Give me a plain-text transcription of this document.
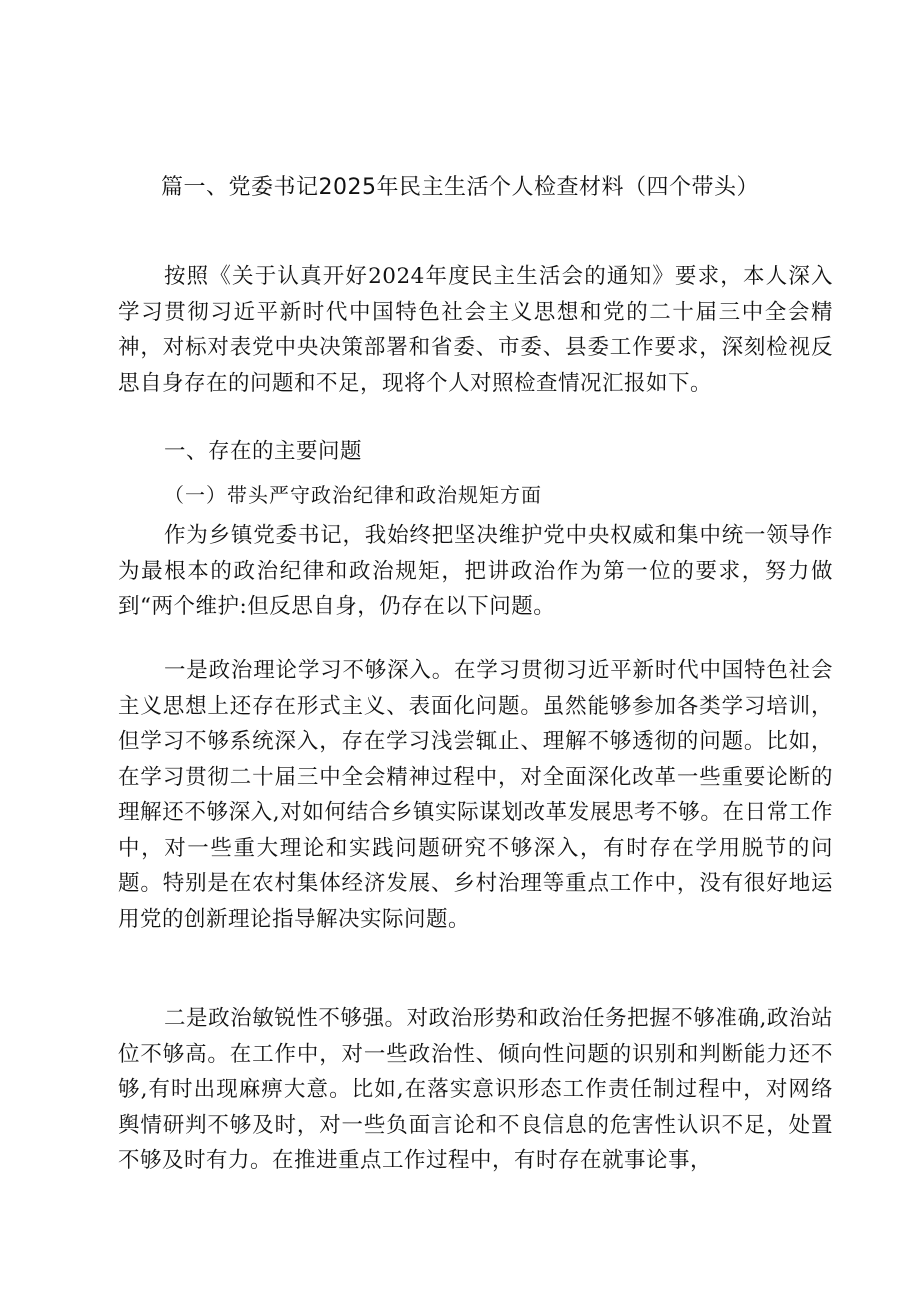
篇一、党委书记2025年民主生活个人检查材料（四个带头）

按照《关于认真开好2024年度民主生活会的通知》要求，本人深入学习贯彻习近平新时代中国特色社会主义思想和党的二十届三中全会精神，对标对表党中央决策部署和省委、市委、县委工作要求，深刻检视反思自身存在的问题和不足，现将个人对照检查情况汇报如下。

一、存在的主要问题
（一）带头严守政治纪律和政治规矩方面

作为乡镇党委书记，我始终把坚决维护党中央权威和集中统一领导作为最根本的政治纪律和政治规矩，把讲政治作为第一位的要求，努力做到“两个维护:但反思自身，仍存在以下问题。

一是政治理论学习不够深入。在学习贯彻习近平新时代中国特色社会主义思想上还存在形式主义、表面化问题。虽然能够参加各类学习培训，但学习不够系统深入，存在学习浅尝辄止、理解不够透彻的问题。比如，在学习贯彻二十届三中全会精神过程中，对全面深化改革一些重要论断的理解还不够深入,对如何结合乡镇实际谋划改革发展思考不够。在日常工作中，对一些重大理论和实践问题研究不够深入，有时存在学用脱节的问题。特别是在农村集体经济发展、乡村治理等重点工作中，没有很好地运用党的创新理论指导解决实际问题。

二是政治敏锐性不够强。对政治形势和政治任务把握不够准确,政治站位不够高。在工作中，对一些政治性、倾向性问题的识别和判断能力还不够,有时出现麻痹大意。比如,在落实意识形态工作责任制过程中，对网络舆情研判不够及时，对一些负面言论和不良信息的危害性认识不足，处置不够及时有力。在推进重点工作过程中，有时存在就事论事，
